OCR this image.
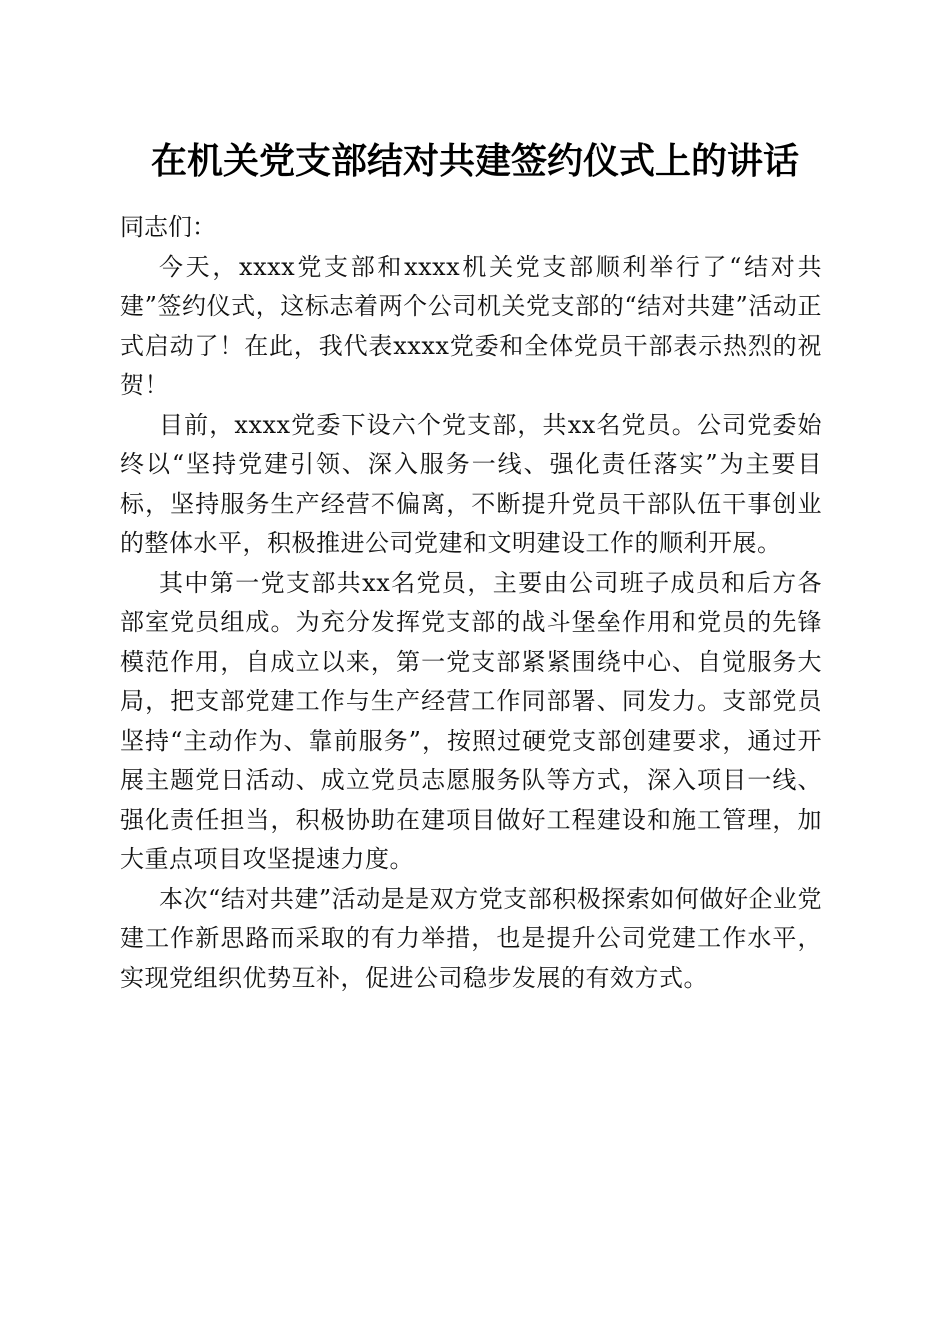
在机关党支部结对共建签约仪式上的讲话

同志们：

今天，xxxx党支部和xxxx机关党支部顺利举行了“结对共建”签约仪式，这标志着两个公司机关党支部的“结对共建”活动正式启动了！在此，我代表xxxx党委和全体党员干部表示热烈的祝贺！

目前，xxxx党委下设六个党支部，共xx名党员。公司党委始终以“坚持党建引领、深入服务一线、强化责任落实”为主要目标，坚持服务生产经营不偏离，不断提升党员干部队伍干事创业的整体水平，积极推进公司党建和文明建设工作的顺利开展。

其中第一党支部共xx名党员，主要由公司班子成员和后方各部室党员组成。为充分发挥党支部的战斗堡垒作用和党员的先锋模范作用，自成立以来，第一党支部紧紧围绕中心、自觉服务大局，把支部党建工作与生产经营工作同部署、同发力。支部党员坚持“主动作为、靠前服务”，按照过硬党支部创建要求，通过开展主题党日活动、成立党员志愿服务队等方式，深入项目一线、强化责任担当，积极协助在建项目做好工程建设和施工管理，加大重点项目攻坚提速力度。

本次“结对共建”活动是是双方党支部积极探索如何做好企业党建工作新思路而采取的有力举措，也是提升公司党建工作水平，实现党组织优势互补，促进公司稳步发展的有效方式。
